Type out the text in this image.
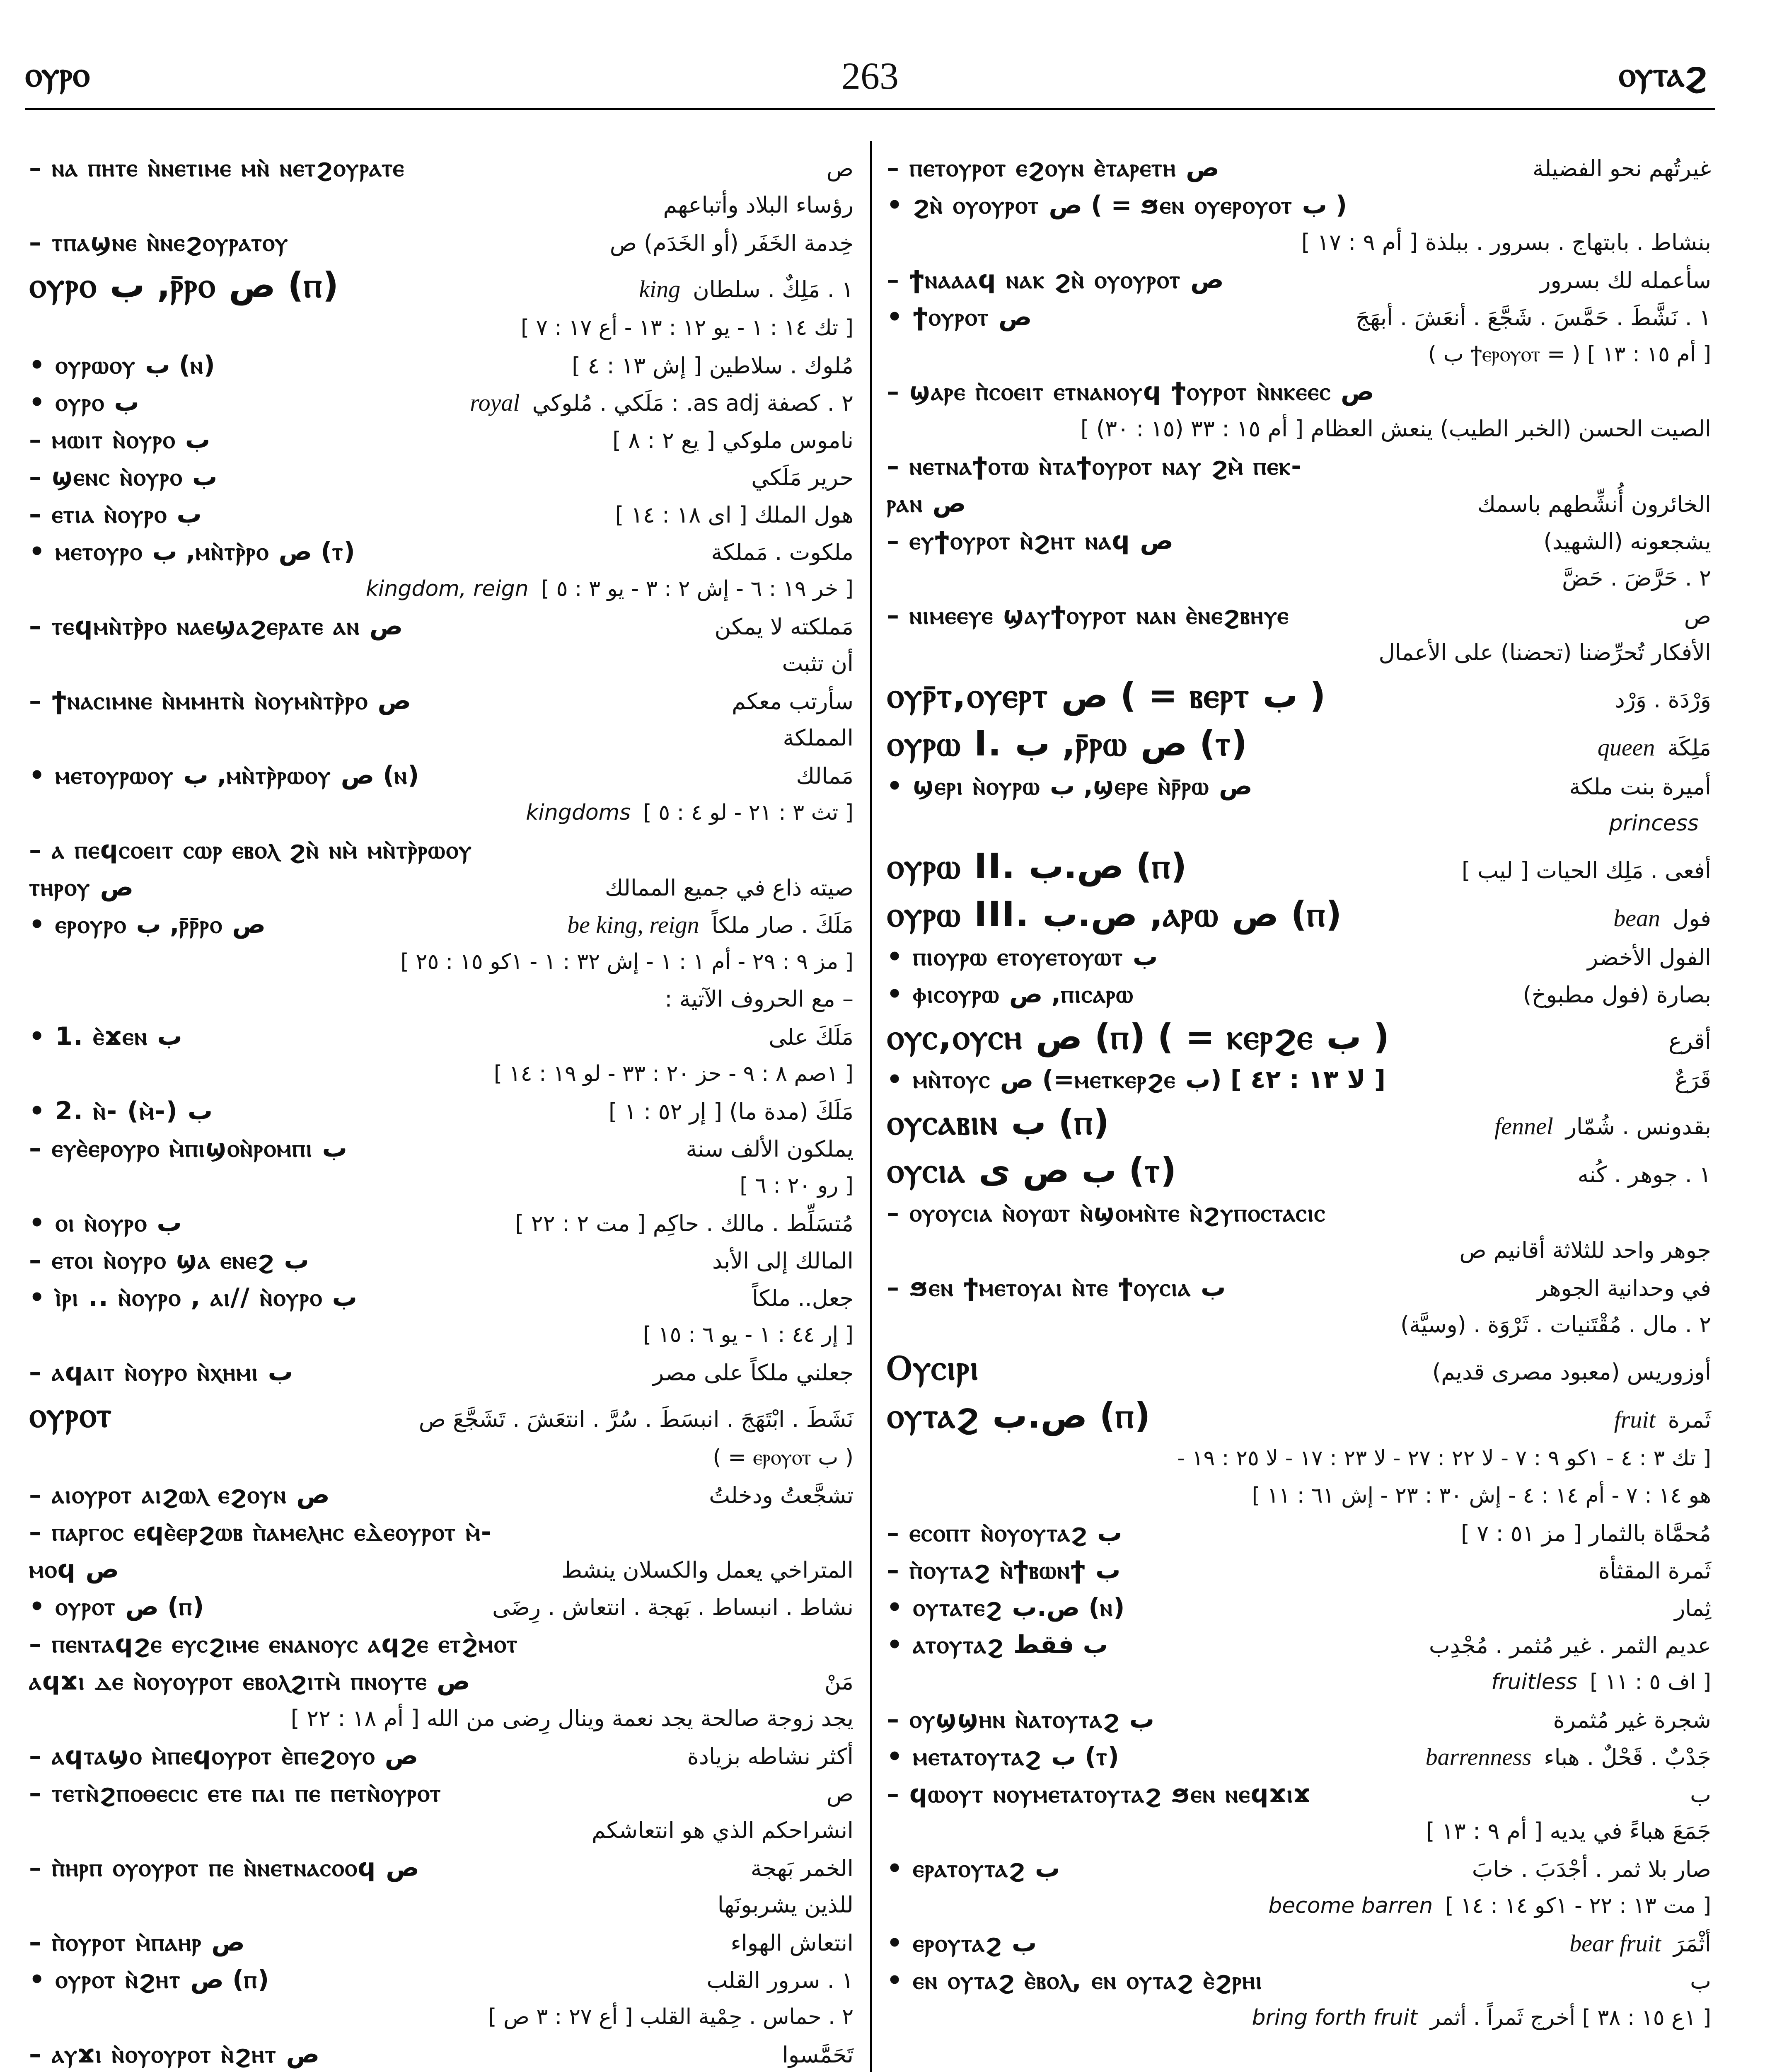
ⲟⲩⲣⲟ	263	ⲟⲩⲧⲁϩ
– ⲛⲁ ⲡⲏⲧⲉ ⲛ̀ⲛⲉⲧⲓⲙⲉ ⲙⲛ̀ ⲛⲉⲧϩⲟⲩⲣⲁⲧⲉ	ص
رؤساء البلاد وأتباعهم
– ⲧⲡⲁϣⲛⲉ ⲛ̀ⲛⲉϩⲟⲩⲣⲁⲧⲟⲩ	خِدمة الخَفَر (أو الخَدَم) ص
ⲟⲩⲣⲟ ب ,ⲣ̄ⲣⲟ ص (ⲡ)	king ١ . مَلِكٌ . سلطان
[ تك ١٤ : ١ - يو ١٢ : ١٣ - أع ١٧ : ٧ ]
• ⲟⲩⲣⲱⲟⲩ ب (ⲛ)	مُلوك . سلاطين [ إش ١٣ : ٤ ]
• ⲟⲩⲣⲟ ب	royal ٢ . كصفة as adj. : مَلَكي . مُلوكي
– ⲙⲱⲓⲧ ⲛ̀ⲟⲩⲣⲟ ب	ناموس ملوكي [ يع ٢ : ٨ ]
– ϣⲉⲛⲥ ⲛ̀ⲟⲩⲣⲟ ب	حرير مَلَكي
– ⲉⲧⲓⲁ ⲛ̀ⲟⲩⲣⲟ ب	هول الملك [ اى ١٨ : ١٤ ]
• ⲙⲉⲧⲟⲩⲣⲟ ب ,ⲙⲛ̀ⲧⲣ̀ⲣⲟ ص (ⲧ)	ملكوت . مَملكة
kingdom, reign [ خر ١٩ : ٦ - إش ٢ : ٣ - يو ٣ : ٥ ]
– ⲧⲉϥⲙⲛ̀ⲧⲣ̀ⲣⲟ ⲛⲁⲉϣⲁϩⲉⲣⲁⲧⲉ ⲁⲛ ص	مَملكته لا يمكن
أن تثبت
– ϯⲛⲁⲥⲓⲙⲛⲉ ⲛ̀ⲙⲙⲏⲧⲛ̀ ⲛ̀ⲟⲩⲙⲛ̀ⲧⲣ̀ⲣⲟ ص	سأرتب معكم
المملكة
• ⲙⲉⲧⲟⲩⲣⲱⲟⲩ ب ,ⲙⲛ̀ⲧⲣ̀ⲣⲱⲟⲩ ص (ⲛ)	مَمالك
kingdoms [ تث ٣ : ٢١ - لو ٤ : ٥ ]
– ⲁ ⲡⲉϥⲥⲟⲉⲓⲧ ⲥⲱⲣ ⲉⲃⲟⲗ ϩⲛ̀ ⲛⲙ̀ ⲙⲛ̀ⲧⲣ̀ⲣⲱⲟⲩ
ⲧⲏⲣⲟⲩ ص	صيته ذاع في جميع الممالك
• ⲉⲣⲟⲩⲣⲟ ب ,ⲣ̄ⲣ̄ⲣⲟ ص	be king, reign مَلَكَ . صار ملكاً
[ مز ٩ : ٢٩ - أم ١ : ١ - إش ٣٢ : ١ - ١كو ١٥ : ٢٥ ]
– مع الحروف الآتية :
• 1. ⲉ̀ϫⲉⲛ ب	مَلَكَ على
[ ١صم ٨ : ٩ - حز ٢٠ : ٣٣ - لو ١٩ : ١٤ ]
• 2. ⲛ̀- (ⲙ̀-) ب	مَلَكَ (مدة ما) [ إر ٥٢ : ١ ]
– ⲉⲩⲉ̀ⲉⲣⲟⲩⲣⲟ ⲙ̀ⲡⲓϣⲟⲛ̀ⲣⲟⲙⲡⲓ ب	يملكون الألف سنة
[ رو ٢٠ : ٦ ]
• ⲟⲓ ⲛ̀ⲟⲩⲣⲟ ب	مُتسَلِّط . مالك . حاكِم [ مت ٢ : ٢٢ ]
– ⲉⲧⲟⲓ ⲛ̀ⲟⲩⲣⲟ ϣⲁ ⲉⲛⲉϩ ب	المالك إلى الأبد
• ⲓ̀ⲣⲓ .. ⲛ̀ⲟⲩⲣⲟ , ⲁⲓ// ⲛ̀ⲟⲩⲣⲟ ب	جعل.. ملكاً
[ إر ٤٤ : ١ - يو ٦ : ١٥ ]
– ⲁϥⲁⲓⲧ ⲛ̀ⲟⲩⲣⲟ ⲛ̀ⲭⲏⲙⲓ ب	جعلني ملكاً على مصر
ⲟⲩⲣⲟⲧ	نَشَطَ . ابْتَهَجَ . انبسَطَ . سُرَّ . انتعَشَ . تَشَجَّعَ ص
( = ⲉⲣⲟⲩⲟⲧ ب )
– ⲁⲓⲟⲩⲣⲟⲧ ⲁⲓϩⲱⲗ ⲉϩⲟⲩⲛ ص	تشجَّعتُ ودخلتُ
– ⲡⲁⲣⲅⲟⲥ ⲉϥⲉ̀ⲉⲣϩⲱⲃ ⲡ̀ⲁⲙⲉⲗⲏⲥ ⲉⲇ̀ⲉⲟⲩⲣⲟⲧ ⲙ̀-
ⲙⲟϥ ص	المتراخي يعمل والكسلان ينشط
• ⲟⲩⲣⲟⲧ ص (ⲡ)	نشاط . انبساط . بَهجة . انتعاش . رِضَى
– ⲡⲉⲛⲧⲁϥϩⲉ ⲉⲩⲥϩⲓⲙⲉ ⲉⲛⲁⲛⲟⲩⲥ ⲁϥϩⲉ ⲉⲧϩ̀ⲙⲟⲧ
ⲁϥϫⲓ ⲇⲉ ⲛ̀ⲟⲩⲟⲩⲣⲟⲧ ⲉⲃⲟⲗϩⲓⲧⲙ̀ ⲡⲛⲟⲩⲧⲉ ص	مَنْ
يجد زوجة صالحة يجد نعمة وينال رِضى من الله [ أم ١٨ : ٢٢ ]
– ⲁϥⲧⲁϣⲟ ⲙ̀ⲡⲉϥⲟⲩⲣⲟⲧ ⲉ̀ⲡⲉϩⲟⲩⲟ ص	أكثر نشاطه بزيادة
– ⲧⲉⲧⲛ̀ϩⲡⲟⲑⲉⲥⲓⲥ ⲉⲧⲉ ⲡⲁⲓ ⲡⲉ ⲡⲉⲧⲛ̀ⲟⲩⲣⲟⲧ	ص
انشراحكم الذي هو انتعاشكم
– ⲡ̀ⲏⲣⲡ ⲟⲩⲟⲩⲣⲟⲧ ⲡⲉ ⲛ̀ⲛⲉⲧⲛⲁⲥⲟⲟϥ ص	الخمر بَهجة
للذين يشربونَها
– ⲡ̀ⲟⲩⲣⲟⲧ ⲙ̀ⲡⲁⲏⲣ ص	انتعاش الهواء
• ⲟⲩⲣⲟⲧ ⲛ̀ϩⲏⲧ ص (ⲡ)	١ . سرور القلب
٢ . حماس . حِمْية القلب [ أع ٢٧ : ٣ ص ]
– ⲁⲩϫⲓ ⲛ̀ⲟⲩⲟⲩⲣⲟⲧ ⲛ̀ϩⲏⲧ ص	تَحَمَّسوا
– ⲡⲉⲧⲟⲩⲣⲟⲧ ⲉϩⲟⲩⲛ ⲉ̀ⲧⲁⲣⲉⲧⲏ ص	غيرتُهم نحو الفضيلة
• ϩⲛ̀ ⲟⲩⲟⲩⲣⲟⲧ ص ( = ϧⲉⲛ ⲟⲩⲉⲣⲟⲩⲟⲧ ب )
بنشاط . بابتهاج . بسرور . ببلذة [ أم ٩ : ١٧ ]
– ϯⲛⲁⲁⲁϥ ⲛⲁⲕ ϩⲛ̀ ⲟⲩⲟⲩⲣⲟⲧ ص	سأعمله لك بسرور
• ϯⲟⲩⲣⲟⲧ ص	١ . نَشَّطَ . حَمَّسَ . شَجَّعَ . أنعَشَ . أبهَجَ
[ أم ١٥ : ١٣ ] ( = ϯⲉⲣⲟⲩⲟⲧ ب )
– ϣⲁⲣⲉ ⲡ̀ⲥⲟⲉⲓⲧ ⲉⲧⲛⲁⲛⲟⲩϥ ϯⲟⲩⲣⲟⲧ ⲛ̀ⲛⲕⲉⲉⲥ ص
الصيت الحسن (الخبر الطيب) ينعش العظام [ أم ١٥ : ٣٣ (١٥ : ٣٠) ]
– ⲛⲉⲧⲛⲁϯⲟⲧⲱ ⲛ̀ⲧⲁϯⲟⲩⲣⲟⲧ ⲛⲁⲩ ϩⲙ̀ ⲡⲉⲕ-
ⲣⲁⲛ ص	الخائرون أُنشِّطهم باسمك
– ⲉⲩϯⲟⲩⲣⲟⲧ ⲛ̀ϩⲏⲧ ⲛⲁϥ ص	يشجعونه (الشهيد)
٢ . حَرَّضَ . حَضَّ
– ⲛⲓⲙⲉⲉⲩⲉ ϣⲁⲩϯⲟⲩⲣⲟⲧ ⲛⲁⲛ ⲉ̀ⲛⲉϩⲃⲏⲩⲉ	ص
الأفكار تُحرِّضنا (تحضنا) على الأعمال
ⲟⲩⲣ̄ⲧ,ⲟⲩⲉⲣⲧ ص ( = ⲃⲉⲣⲧ ب )	وَرْدَة . وَرْد
ⲟⲩⲣⲱ I. ب ,ⲣ̄ⲣⲱ ص (ⲧ)	queen مَلِكَة
• ϣⲉⲣⲓ ⲛ̀ⲟⲩⲣⲱ ب ,ϣⲉⲣⲉ ⲛ̀ⲣ̄ⲣⲱ ص	أميرة بنت ملكة
princess
ⲟⲩⲣⲱ II. ص.ب (ⲡ)	أفعى . مَلِك الحيات [ ليب ]
ⲟⲩⲣⲱ III. ص.ب ,ⲁⲣⲱ ص (ⲡ)	bean فول
• ⲡⲓⲟⲩⲣⲱ ⲉⲧⲟⲩⲉⲧⲟⲩⲱⲧ ب	الفول الأخضر
• ⲫⲓⲥⲟⲩⲣⲱ ص ,ⲡⲓⲥⲁⲣⲱ	بصارة (فول مطبوخ)
ⲟⲩⲥ,ⲟⲩⲥⲏ ص (ⲡ) ( = ⲕⲉⲣϩⲉ ب )	أقرع
• ⲙⲛ̀ⲧⲟⲩⲥ ص (=ⲙⲉⲧⲕⲉⲣϩⲉ ب) [ لا ١٣ : ٤٢ ]	قَرَعٌ
ⲟⲩⲥⲁⲃⲓⲛ ب (ⲡ)	fennel بقدونس . شُمّار
ⲟⲩⲥⲓⲁ ب ص ى (ⲧ)	١ . جوهر . كُنه
– ⲟⲩⲟⲩⲥⲓⲁ ⲛ̀ⲟⲩⲱⲧ ⲛ̀ϣⲟⲙⲛ̀ⲧⲉ ⲛ̀ϩⲩⲡⲟⲥⲧⲁⲥⲓⲥ
جوهر واحد للثلاثة أقانيم ص
– ϧⲉⲛ ϯⲙⲉⲧⲟⲩⲁⲓ ⲛ̀ⲧⲉ ϯⲟⲩⲥⲓⲁ ب	في وحدانية الجوهر
٢ . مال . مُقْتَنيات . ثَرْوَة . (وسيَّة)
Ⲟⲩⲥⲓⲣⲓ	أوزوريس (معبود مصرى قديم)
ⲟⲩⲧⲁϩ ص.ب (ⲡ)	fruit ثَمرة
[ تك ٣ : ٤ - ١كو ٩ : ٧ - لا ٢٢ : ٢٧ - لا ٢٣ : ١٧ - لا ٢٥ : ١٩ -
هو ١٤ : ٧ - أم ١٤ : ٤ - إش ٣٠ : ٢٣ - إش ٦١ : ١١ ]
– ⲉⲥⲟⲡⲧ ⲛ̀ⲟⲩⲟⲩⲧⲁϩ ب	مُحمَّاة بالثمار [ مز ٥١ : ٧ ]
– ⲡ̀ⲟⲩⲧⲁϩ ⲛ̀ϯⲃⲱⲛϯ ب	ثَمرة المقثأة
• ⲟⲩⲧⲁⲧⲉϩ ص.ب (ⲛ)	ثِمار
• ⲁⲧⲟⲩⲧⲁϩ ب فقط	عديم الثمر . غير مُثمر . مُجْدِب
fruitless [ اف ٥ : ١١ ]
– ⲟⲩϣϣⲏⲛ ⲛ̀ⲁⲧⲟⲩⲧⲁϩ ب	شجرة غير مُثمرة
• ⲙⲉⲧⲁⲧⲟⲩⲧⲁϩ ب (ⲧ)	barrenness جَدْبٌ . قَحْلٌ . هباء
– ϥⲱⲟⲩⲧ ⲛⲟⲩⲙⲉⲧⲁⲧⲟⲩⲧⲁϩ ϧⲉⲛ ⲛⲉϥϫⲓϫ	ب
جَمَعَ هباءً في يديه [ أم ٩ : ١٣ ]
• ⲉⲣⲁⲧⲟⲩⲧⲁϩ ب	صار بلا ثمر . أجْدَبَ . خابَ
become barren [ مت ١٣ : ٢٢ - ١كو ١٤ : ١٤ ]
• ⲉⲣⲟⲩⲧⲁϩ ب	bear fruit أثْمَرَ
• ⲉⲛ ⲟⲩⲧⲁϩ ⲉ̀ⲃⲟⲗ, ⲉⲛ ⲟⲩⲧⲁϩ ⲉ̀ϩⲣⲏⲓ	ب
bring forth fruit [ ١ع ١٥ : ٣٨ ] أخرج ثَمراً . أثمر
